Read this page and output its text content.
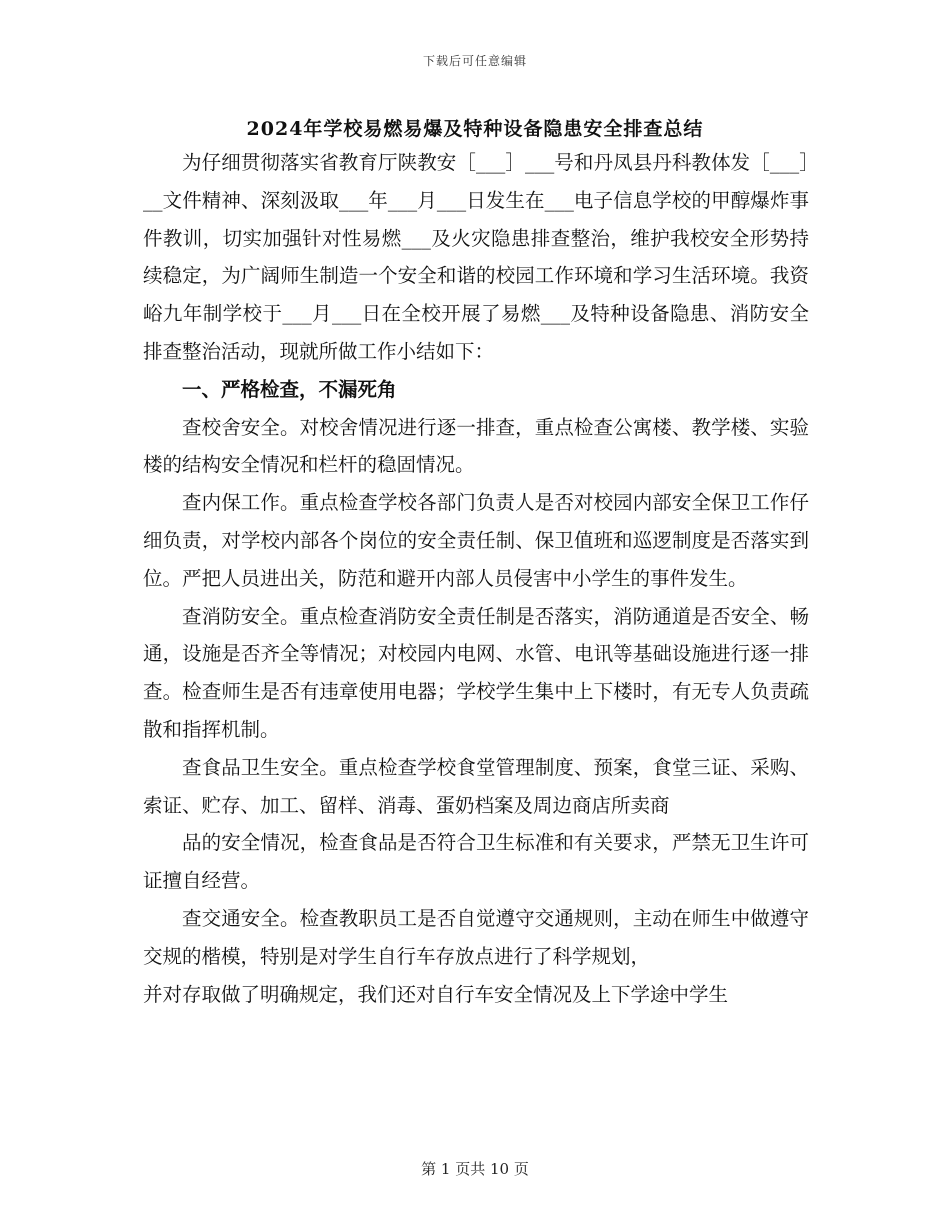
下载后可任意编辑
2024年学校易燃易爆及特种设备隐患安全排查总结

为仔细贯彻落实省教育厅陕教安［___］___号和丹凤县丹科教体发［___］__文件精神、深刻汲取___年___月___日发生在___电子信息学校的甲醇爆炸事件教训，切实加强针对性易燃___及火灾隐患排查整治，维护我校安全形势持续稳定，为广阔师生制造一个安全和谐的校园工作环境和学习生活环境。我资峪九年制学校于___月___日在全校开展了易燃___及特种设备隐患、消防安全排查整治活动，现就所做工作小结如下：

一、严格检查，不漏死角

查校舍安全。对校舍情况进行逐一排查，重点检查公寓楼、教学楼、实验楼的结构安全情况和栏杆的稳固情况。

查内保工作。重点检查学校各部门负责人是否对校园内部安全保卫工作仔细负责，对学校内部各个岗位的安全责任制、保卫值班和巡逻制度是否落实到位。严把人员进出关，防范和避开内部人员侵害中小学生的事件发生。

查消防安全。重点检查消防安全责任制是否落实，消防通道是否安全、畅通，设施是否齐全等情况；对校园内电网、水管、电讯等基础设施进行逐一排查。检查师生是否有违章使用电器；学校学生集中上下楼时，有无专人负责疏散和指挥机制。

查食品卫生安全。重点检查学校食堂管理制度、预案，食堂三证、采购、索证、贮存、加工、留样、消毒、蛋奶档案及周边商店所卖商

品的安全情况，检查食品是否符合卫生标准和有关要求，严禁无卫生许可证擅自经营。

查交通安全。检查教职员工是否自觉遵守交通规则，主动在师生中做遵守交规的楷模，特别是对学生自行车存放点进行了科学规划，

并对存取做了明确规定，我们还对自行车安全情况及上下学途中学生

第 1 页共 10 页
